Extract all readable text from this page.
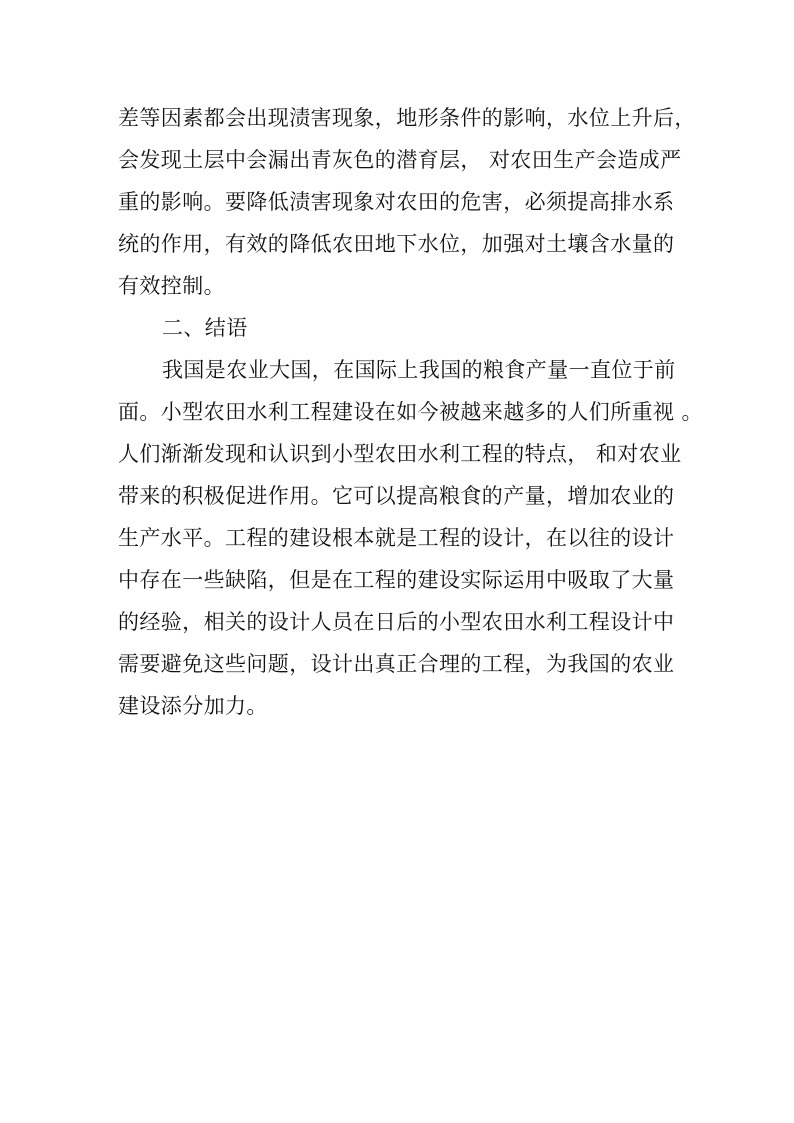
差等因素都会出现渍害现象，地形条件的影响，水位上升后，
会发现土层中会漏出青灰色的潜育层， 对农田生产会造成严
重的影响。要降低渍害现象对农田的危害，必须提高排水系
统的作用，有效的降低农田地下水位，加强对土壤含水量的
有效控制。
二、结语
我国是农业大国，在国际上我国的粮食产量一直位于前
面。小型农田水利工程建设在如今被越来越多的人们所重视 。
人们渐渐发现和认识到小型农田水利工程的特点， 和对农业
带来的积极促进作用。它可以提高粮食的产量，增加农业的
生产水平。工程的建设根本就是工程的设计，在以往的设计
中存在一些缺陷，但是在工程的建设实际运用中吸取了大量
的经验，相关的设计人员在日后的小型农田水利工程设计中
需要避免这些问题，设计出真正合理的工程，为我国的农业
建设添分加力。
